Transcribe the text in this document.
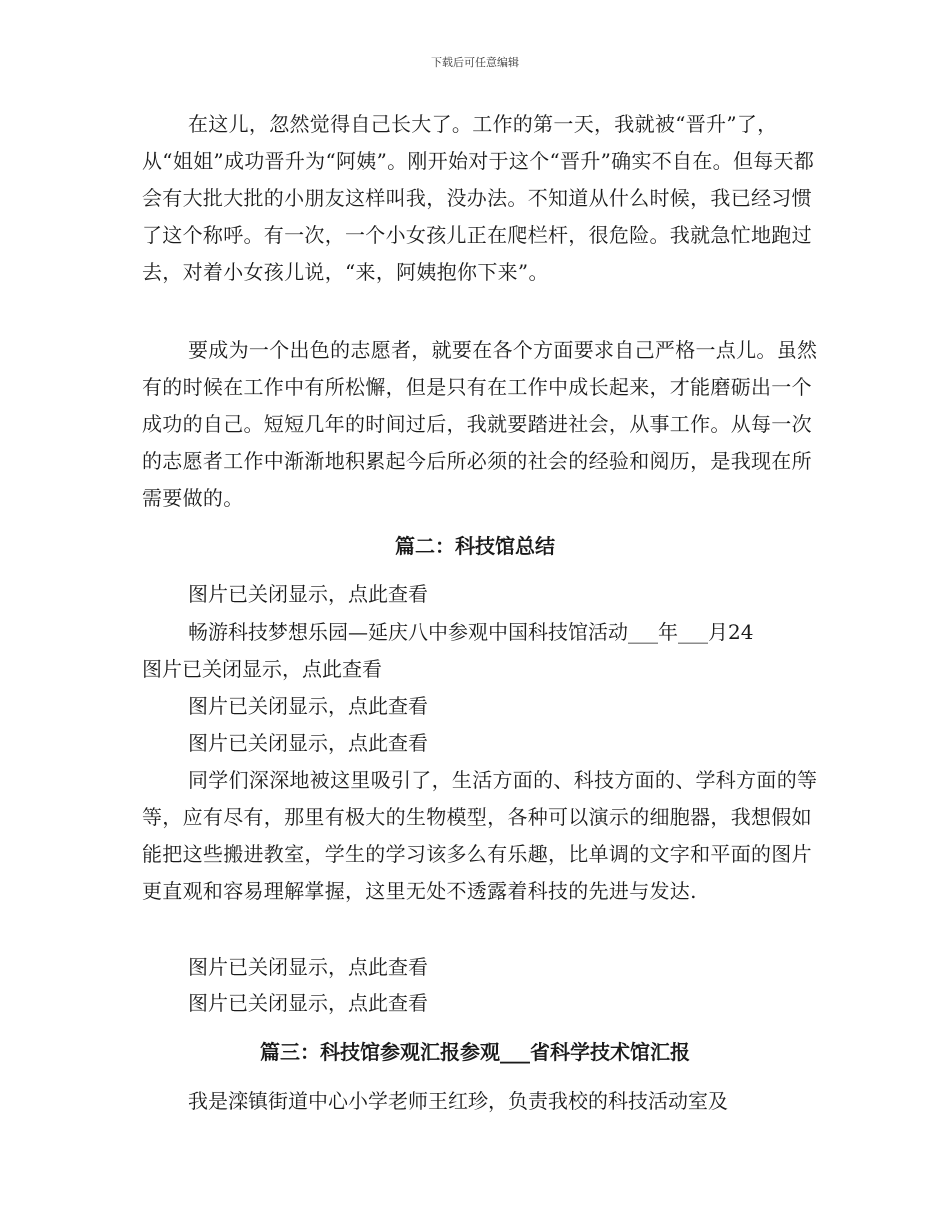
下载后可任意编辑
在这儿，忽然觉得自己长大了。工作的第一天，我就被“晋升”了，从“姐姐”成功晋升为“阿姨”。刚开始对于这个“晋升”确实不自在。但每天都会有大批大批的小朋友这样叫我，没办法。不知道从什么时候，我已经习惯了这个称呼。有一次，一个小女孩儿正在爬栏杆，很危险。我就急忙地跑过去，对着小女孩儿说，“来，阿姨抱你下来”。
要成为一个出色的志愿者，就要在各个方面要求自己严格一点儿。虽然有的时候在工作中有所松懈，但是只有在工作中成长起来，才能磨砺出一个成功的自己。短短几年的时间过后，我就要踏进社会，从事工作。从每一次的志愿者工作中渐渐地积累起今后所必须的社会的经验和阅历，是我现在所需要做的。
篇二：科技馆总结
图片已关闭显示，点此查看
畅游科技梦想乐园—延庆八中参观中国科技馆活动___年___月24
图片已关闭显示，点此查看
图片已关闭显示，点此查看
图片已关闭显示，点此查看
同学们深深地被这里吸引了，生活方面的、科技方面的、学科方面的等等，应有尽有，那里有极大的生物模型，各种可以演示的细胞器，我想假如能把这些搬进教室，学生的学习该多么有乐趣，比单调的文字和平面的图片更直观和容易理解掌握，这里无处不透露着科技的先进与发达.
图片已关闭显示，点此查看
图片已关闭显示，点此查看
篇三：科技馆参观汇报参观___省科学技术馆汇报
我是滦镇街道中心小学老师王红珍，负责我校的科技活动室及
